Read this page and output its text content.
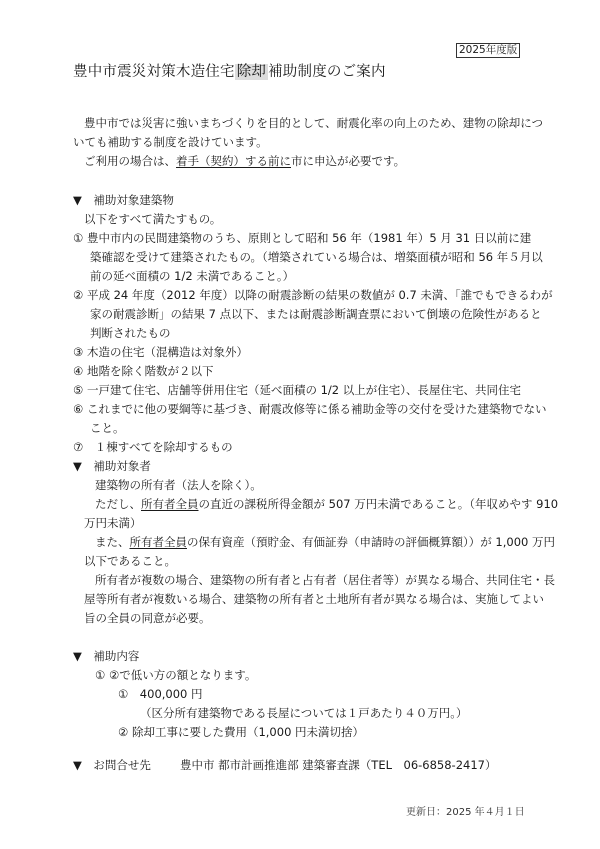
2025年度版
豊中市震災対策木造住宅 除却 補助制度のご案内
豊中市では災害に強いまちづくりを目的として、耐震化率の向上のため、建物の除却につ
いても補助する制度を設けています。
ご利用の場合は、着手（契約）する前に市に申込が必要です。
▼　補助対象建築物
以下をすべて満たすもの。
① 豊中市内の民間建築物のうち、原則として昭和 56 年（1981 年）5 月 31 日以前に建
築確認を受けて建築されたもの。（増築されている場合は、増築面積が昭和 56 年５月以
前の延べ面積の 1/2 未満であること。）
② 平成 24 年度（2012 年度）以降の耐震診断の結果の数値が 0.7 未満、「誰でもできるわが
家の耐震診断」の結果 7 点以下、または耐震診断調査票において倒壊の危険性があると
判断されたもの
③ 木造の住宅（混構造は対象外）
④ 地階を除く階数が２以下
⑤ 一戸建て住宅、店舗等併用住宅（延べ面積の 1/2 以上が住宅）、長屋住宅、共同住宅
⑥ これまでに他の要綱等に基づき、耐震改修等に係る補助金等の交付を受けた建築物でない
こと。
⑦　１棟すべてを除却するもの
▼　補助対象者
建築物の所有者（法人を除く）。
ただし、所有者全員の直近の課税所得金額が 507 万円未満であること。（年収めやす 910
万円未満）
また、所有者全員の保有資産（預貯金、有価証券（申請時の評価概算額））が 1,000 万円
以下であること。
所有者が複数の場合、建築物の所有者と占有者（居住者等）が異なる場合、共同住宅・長
屋等所有者が複数いる場合、建築物の所有者と土地所有者が異なる場合は、実施してよい
旨の全員の同意が必要。
▼　補助内容
① ②で低い方の額となります。
①　400,000 円
（区分所有建築物である長屋については１戸あたり４０万円。）
② 除却工事に要した費用（1,000 円未満切捨）
▼　お問合せ先	豊中市 都市計画推進部 建築審査課（TEL　06-6858-2417）
更新日：2025 年４月１日
